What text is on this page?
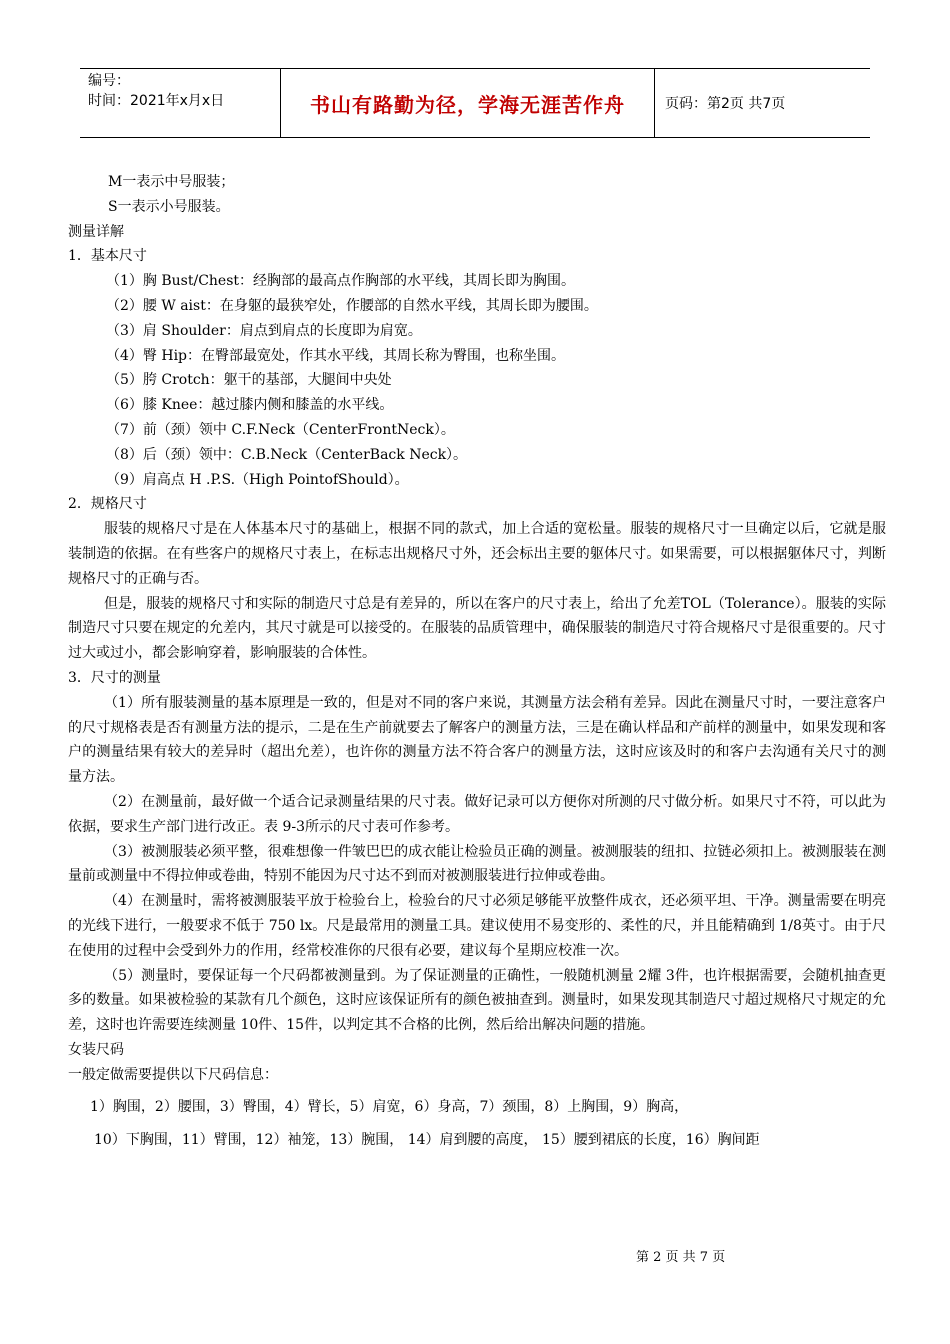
编号：
时间：2021年x月x日	书山有路勤为径，学海无涯苦作舟	页码：第2页 共7页

M一表示中号服装；

S一表示小号服装。

测量详解

1．基本尺寸

（1）胸 Bust/Chest：经胸部的最高点作胸部的水平线，其周长即为胸围。

（2）腰 W aist：在身躯的最狭窄处，作腰部的自然水平线，其周长即为腰围。

（3）肩 Shoulder：肩点到肩点的长度即为肩宽。

（4）臀 Hip：在臀部最宽处，作其水平线，其周长称为臀围，也称坐围。

（5）胯 Crotch：躯干的基部，大腿间中央处

（6）膝 Knee：越过膝内侧和膝盖的水平线。

（7）前（颈）领中 C.F.Neck（CenterFrontNeck）。

（8）后（颈）领中：C.B.Neck（CenterBack Neck）。

（9）肩高点 H .P.S.（High PointofShould）。

2．规格尺寸

服装的规格尺寸是在人体基本尺寸的基础上，根据不同的款式，加上合适的宽松量。服装的规格尺寸一旦确定以后，它就是服装制造的依据。在有些客户的规格尺寸表上，在标志出规格尺寸外，还会标出主要的躯体尺寸。如果需要，可以根据躯体尺寸，判断规格尺寸的正确与否。

但是，服装的规格尺寸和实际的制造尺寸总是有差异的，所以在客户的尺寸表上，给出了允差TOL（Tolerance）。服装的实际制造尺寸只要在规定的允差内，其尺寸就是可以接受的。在服装的品质管理中，确保服装的制造尺寸符合规格尺寸是很重要的。尺寸过大或过小，都会影响穿着，影响服装的合体性。

3．尺寸的测量

（1）所有服装测量的基本原理是一致的，但是对不同的客户来说，其测量方法会稍有差异。因此在测量尺寸时，一要注意客户的尺寸规格表是否有测量方法的提示，二是在生产前就要去了解客户的测量方法，三是在确认样品和产前样的测量中，如果发现和客户的测量结果有较大的差异时（超出允差），也许你的测量方法不符合客户的测量方法，这时应该及时的和客户去沟通有关尺寸的测量方法。

（2）在测量前，最好做一个适合记录测量结果的尺寸表。做好记录可以方便你对所测的尺寸做分析。如果尺寸不符，可以此为依据，要求生产部门进行改正。表 9-3所示的尺寸表可作参考。

（3）被测服装必须平整，很难想像一件皱巴巴的成衣能让检验员正确的测量。被测服装的纽扣、拉链必须扣上。被测服装在测量前或测量中不得拉伸或卷曲，特别不能因为尺寸达不到而对被测服装进行拉伸或卷曲。

（4）在测量时，需将被测服装平放于检验台上，检验台的尺寸必须足够能平放整件成衣，还必须平坦、干净。测量需要在明亮的光线下进行，一般要求不低于 750 lx。尺是最常用的测量工具。建议使用不易变形的、柔性的尺，并且能精确到 1/8英寸。由于尺在使用的过程中会受到外力的作用，经常校准你的尺很有必要，建议每个星期应校准一次。

（5）测量时，要保证每一个尺码都被测量到。为了保证测量的正确性，一般随机测量 2耀 3件，也许根据需要，会随机抽查更多的数量。如果被检验的某款有几个颜色，这时应该保证所有的颜色被抽查到。测量时，如果发现其制造尺寸超过规格尺寸规定的允差，这时也许需要连续测量 10件、15件，以判定其不合格的比例，然后给出解决问题的措施。

女装尺码

一般定做需要提供以下尺码信息：

1）胸围，2）腰围，3）臀围，4）臂长，5）肩宽，6）身高，7）颈围，8）上胸围，9）胸高，

10）下胸围，11）臂围，12）袖笼，13）腕围， 14）肩到腰的高度， 15）腰到裙底的长度，16）胸间距

第 2 页 共 7 页
